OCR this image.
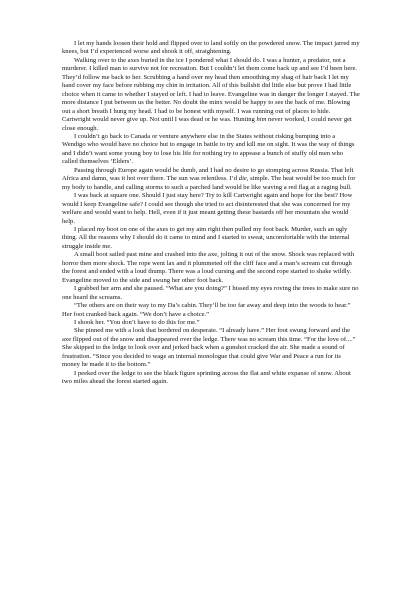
I let my hands loosen their hold and flipped over to land softly on the powdered snow. The impact jarred my knees, but I’d experienced worse and shook it off, straightening.

Walking over to the axes buried in the ice I pondered what I should do. I was a hunter, a predator, not a murderer. I killed man to survive not for recreation. But I couldn’t let them come back up and see I’d been here. They’d follow me back to her. Scrubbing a hand over my head then smoothing my shag of hair back I let my hand cover my face before rubbing my chin in irritation. All of this bullshit did little else but prove I had little choice when it came to whether I stayed or left. I had to leave. Evangeline was in danger the longer I stayed. The more distance I put between us the better. No doubt the minx would be happy to see the back of me. Blowing out a short breath I hung my head. I had to be honest with myself. I was running out of places to hide. Cartwright would never give up. Not until I was dead or he was. Hunting him never worked, I could never get close enough.

I couldn’t go back to Canada or venture anywhere else in the States without risking bumping into a Wendigo who would have no choice but to engage in battle to try and kill me on sight. It was the way of things and I didn’t want some young boy to lose his life for nothing try to appease a bunch of stuffy old men who called themselves ‘Elders’.

Passing through Europe again would be dumb, and I had no desire to go stomping across Russia. That left Africa and damn, was it hot over there. The sun was relentless. I’d die, simple. The heat would be too much for my body to handle, and calling storms to such a parched land would be like waving a red flag at a raging bull.

I was back at square one. Should I just stay here? Try to kill Cartwright again and hope for the best? How would I keep Evangeline safe? I could see though she tried to act disinterested that she was concerned for my welfare and would want to help. Hell, even if it just meant getting these bastards off her mountain she would help.

I placed my boot on one of the axes to get my aim right then pulled my foot back. Murder, such an ugly thing. All the reasons why I should do it came to mind and I started to sweat, uncomfortable with the internal struggle inside me.

A small boot sailed past mine and crashed into the axe, jolting it out of the snow. Shock was replaced with horror then more shock. The rope went lax and it plummeted off the cliff face and a man’s scream cut through the forest and ended with a loud thump. There was a loud cursing and the second rope started to shake wildly. Evangeline moved to the side and swung her other foot back.

I grabbed her arm and she paused. “What are you doing?” I hissed my eyes roving the trees to make sure no one heard the screams.

“The others are on their way to my Da’s cabin. They’ll be too far away and deep into the woods to hear.” Her foot cranked back again. “We don’t have a choice.”

I shook her. “You don’t have to do this for me.”

She pinned me with a look that bordered on desperate. “I already have.” Her foot swung forward and the axe flipped out of the snow and disappeared over the ledge. There was no scream this time. “For the love of....” She skipped to the ledge to look over and jerked back when a gunshot cracked the air. She made a sound of frustration. “Since you decided to wage an internal monologue that could give War and Peace a run for its money he made it to the bottom.”

I peeked over the ledge to see the black figure sprinting across the flat and white expanse of snow. About two miles ahead the forest started again.
